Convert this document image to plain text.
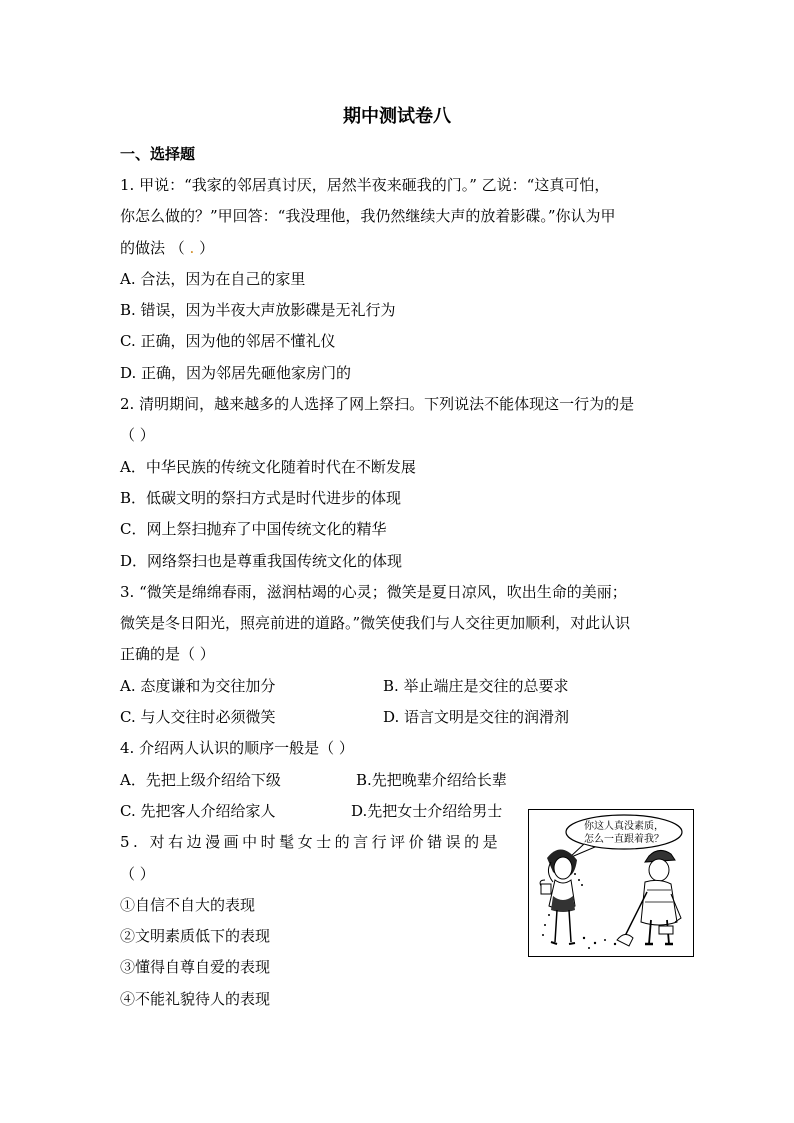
期中测试卷八
一、选择题
1. 甲说：“我家的邻居真讨厌，居然半夜来砸我的门。” 乙说：“这真可怕，
你怎么做的？”甲回答：“我没理他，我仍然继续大声的放着影碟。”你认为甲
的做法 （ . ）
A. 合法，因为在自己的家里
B. 错误，因为半夜大声放影碟是无礼行为
C. 正确，因为他的邻居不懂礼仪
D. 正确，因为邻居先砸他家房门的
2. 清明期间，越来越多的人选择了网上祭扫。下列说法不能体现这一行为的是
（ ）
A．中华民族的传统文化随着时代在不断发展
B．低碳文明的祭扫方式是时代进步的体现
C．网上祭扫抛弃了中国传统文化的精华
D．网络祭扫也是尊重我国传统文化的体现
3. “微笑是绵绵春雨，滋润枯竭的心灵；微笑是夏日凉风，吹出生命的美丽；
微笑是冬日阳光，照亮前进的道路。”微笑使我们与人交往更加顺利，对此认识
正确的是（ ）
A. 态度谦和为交往加分	B. 举止端庄是交往的总要求
C. 与人交往时必须微笑	D. 语言文明是交往的润滑剂
4. 介绍两人认识的顺序一般是（ ）
A．先把上级介绍给下级	B.先把晚辈介绍给长辈
C. 先把客人介绍给家人	D.先把女士介绍给男士
5. 对右边漫画中时髦女士的言行评价错误的是
（ ）
①自信不自大的表现
②文明素质低下的表现
③懂得自尊自爱的表现
④不能礼貌待人的表现
你这人真没素质，
怎么一直跟着我？
